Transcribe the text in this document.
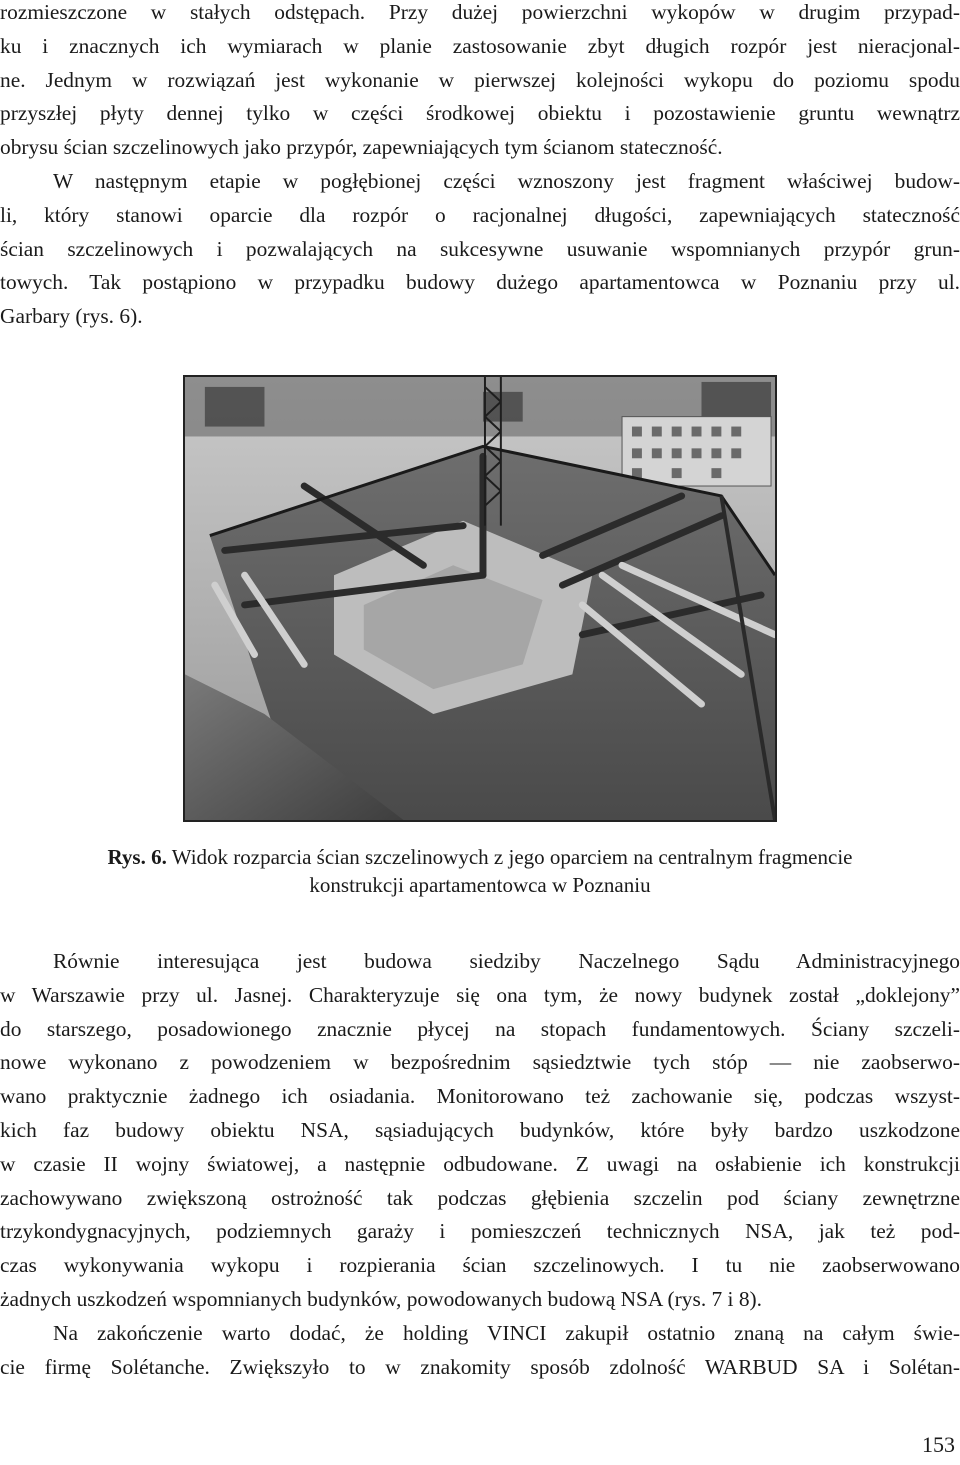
rozmieszczone w stałych odstępach. Przy dużej powierzchni wykopów w drugim przypad-
ku i znacznych ich wymiarach w planie zastosowanie zbyt długich rozpór jest nieracjonal-
ne. Jednym w rozwiązań jest wykonanie w pierwszej kolejności wykopu do poziomu spodu
przyszłej płyty dennej tylko w części środkowej obiektu i pozostawienie gruntu wewnątrz
obrysu ścian szczelinowych jako przypór, zapewniających tym ścianom stateczność.

W następnym etapie w pogłębionej części wznoszony jest fragment właściwej budow-
li, który stanowi oparcie dla rozpór o racjonalnej długości, zapewniających stateczność
ścian szczelinowych i pozwalających na sukcesywne usuwanie wspomnianych przypór grun-
towych. Tak postąpiono w przypadku budowy dużego apartamentowca w Poznaniu przy ul.
Garbary (rys. 6).

Rys. 6. Widok rozparcia ścian szczelinowych z jego oparciem na centralnym fragmencie
konstrukcji apartamentowca w Poznaniu

Równie interesująca jest budowa siedziby Naczelnego Sądu Administracyjnego
w Warszawie przy ul. Jasnej. Charakteryzuje się ona tym, że nowy budynek został „doklejony”
do starszego, posadowionego znacznie płycej na stopach fundamentowych. Ściany szczeli-
nowe wykonano z powodzeniem w bezpośrednim sąsiedztwie tych stóp — nie zaobserwo-
wano praktycznie żadnego ich osiadania. Monitorowano też zachowanie się, podczas wszyst-
kich faz budowy obiektu NSA, sąsiadujących budynków, które były bardzo uszkodzone
w czasie II wojny światowej, a następnie odbudowane. Z uwagi na osłabienie ich konstrukcji
zachowywano zwiększoną ostrożność tak podczas głębienia szczelin pod ściany zewnętrzne
trzykondygnacyjnych, podziemnych garaży i pomieszczeń technicznych NSA, jak też pod-
czas wykonywania wykopu i rozpierania ścian szczelinowych. I tu nie zaobserwowano
żadnych uszkodzeń wspomnianych budynków, powodowanych budową NSA (rys. 7 i 8).

Na zakończenie warto dodać, że holding VINCI zakupił ostatnio znaną na całym świe-
cie firmę Solétanche. Zwiększyło to w znakomity sposób zdolność WARBUD SA i Solétan-

153
